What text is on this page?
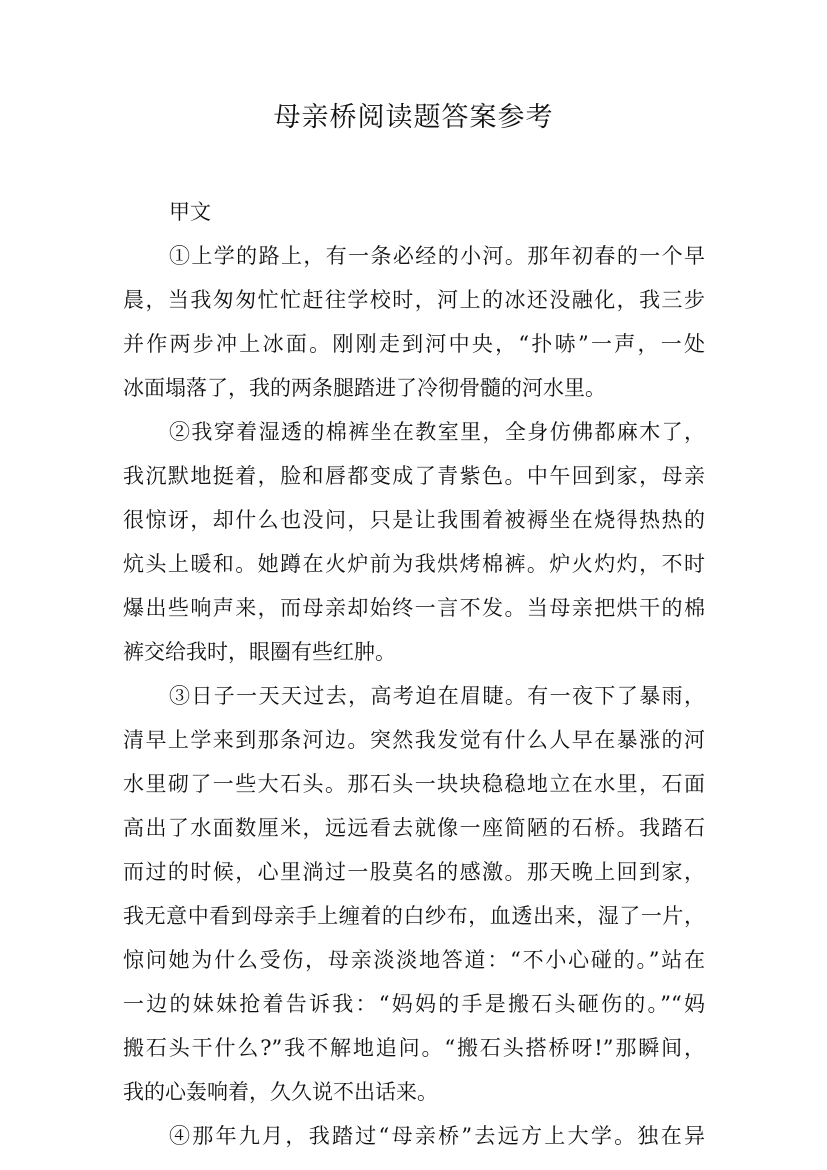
母亲桥阅读题答案参考

甲文

①上学的路上，有一条必经的小河。那年初春的一个早
晨，当我匆匆忙忙赶往学校时，河上的冰还没融化，我三步
并作两步冲上冰面。刚刚走到河中央，“扑哧”一声，一处
冰面塌落了，我的两条腿踏进了冷彻骨髓的河水里。

②我穿着湿透的棉裤坐在教室里，全身仿佛都麻木了，
我沉默地挺着，脸和唇都变成了青紫色。中午回到家，母亲
很惊讶，却什么也没问，只是让我围着被褥坐在烧得热热的
炕头上暖和。她蹲在火炉前为我烘烤棉裤。炉火灼灼，不时
爆出些响声来，而母亲却始终一言不发。当母亲把烘干的棉
裤交给我时，眼圈有些红肿。

③日子一天天过去，高考迫在眉睫。有一夜下了暴雨，
清早上学来到那条河边。突然我发觉有什么人早在暴涨的河
水里砌了一些大石头。那石头一块块稳稳地立在水里，石面
高出了水面数厘米，远远看去就像一座简陋的石桥。我踏石
而过的时候，心里淌过一股莫名的感激。那天晚上回到家，
我无意中看到母亲手上缠着的白纱布，血透出来，湿了一片，
惊问她为什么受伤，母亲淡淡地答道：“不小心碰的。”站在
一边的妹妹抢着告诉我：“妈妈的手是搬石头砸伤的。”“妈
搬石头干什么?”我不解地追问。“搬石头搭桥呀!”那瞬间，
我的心轰响着，久久说不出话来。

④那年九月，我踏过“母亲桥”去远方上大学。独在异
